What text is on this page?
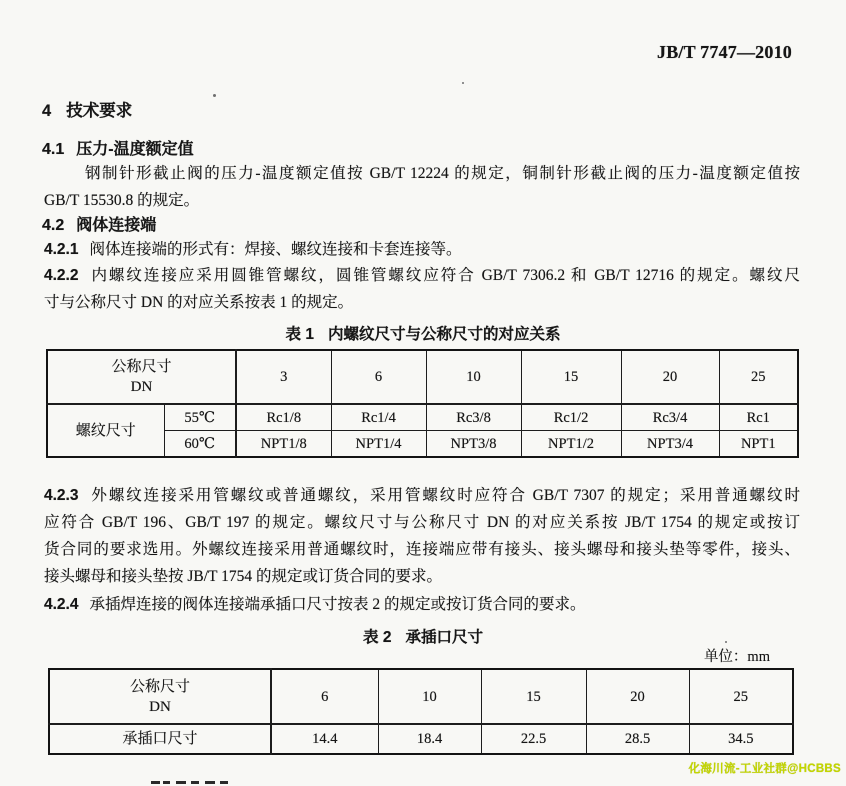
JB/T 7747—2010
4 技术要求
4.1 压力-温度额定值
钢制针形截止阀的压力-温度额定值按 GB/T 12224 的规定，铜制针形截止阀的压力-温度额定值按
GB/T 15530.8 的规定。
4.2 阀体连接端
4.2.1 阀体连接端的形式有：焊接、螺纹连接和卡套连接等。
4.2.2 内螺纹连接应采用圆锥管螺纹，圆锥管螺纹应符合 GB/T 7306.2 和 GB/T 12716 的规定。螺纹尺
寸与公称尺寸 DN 的对应关系按表 1 的规定。
表 1 内螺纹尺寸与公称尺寸的对应关系
公称尺寸
DN		3	6	10	15	20	25
螺纹尺寸	55℃	Rc1/8	Rc1/4	Rc3/8	Rc1/2	Rc3/4	Rc1
	60℃	NPT1/8	NPT1/4	NPT3/8	NPT1/2	NPT3/4	NPT1
4.2.3 外螺纹连接采用管螺纹或普通螺纹，采用管螺纹时应符合 GB/T 7307 的规定；采用普通螺纹时
应符合 GB/T 196、GB/T 197 的规定。螺纹尺寸与公称尺寸 DN 的对应关系按 JB/T 1754 的规定或按订
货合同的要求选用。外螺纹连接采用普通螺纹时，连接端应带有接头、接头螺母和接头垫等零件，接头、
接头螺母和接头垫按 JB/T 1754 的规定或订货合同的要求。
4.2.4 承插焊连接的阀体连接端承插口尺寸按表 2 的规定或按订货合同的要求。
表 2 承插口尺寸
单位：mm
公称尺寸
DN	6	10	15	20	25
承插口尺寸	14.4	18.4	22.5	28.5	34.5
化海川流-工业社群@HCBBS
